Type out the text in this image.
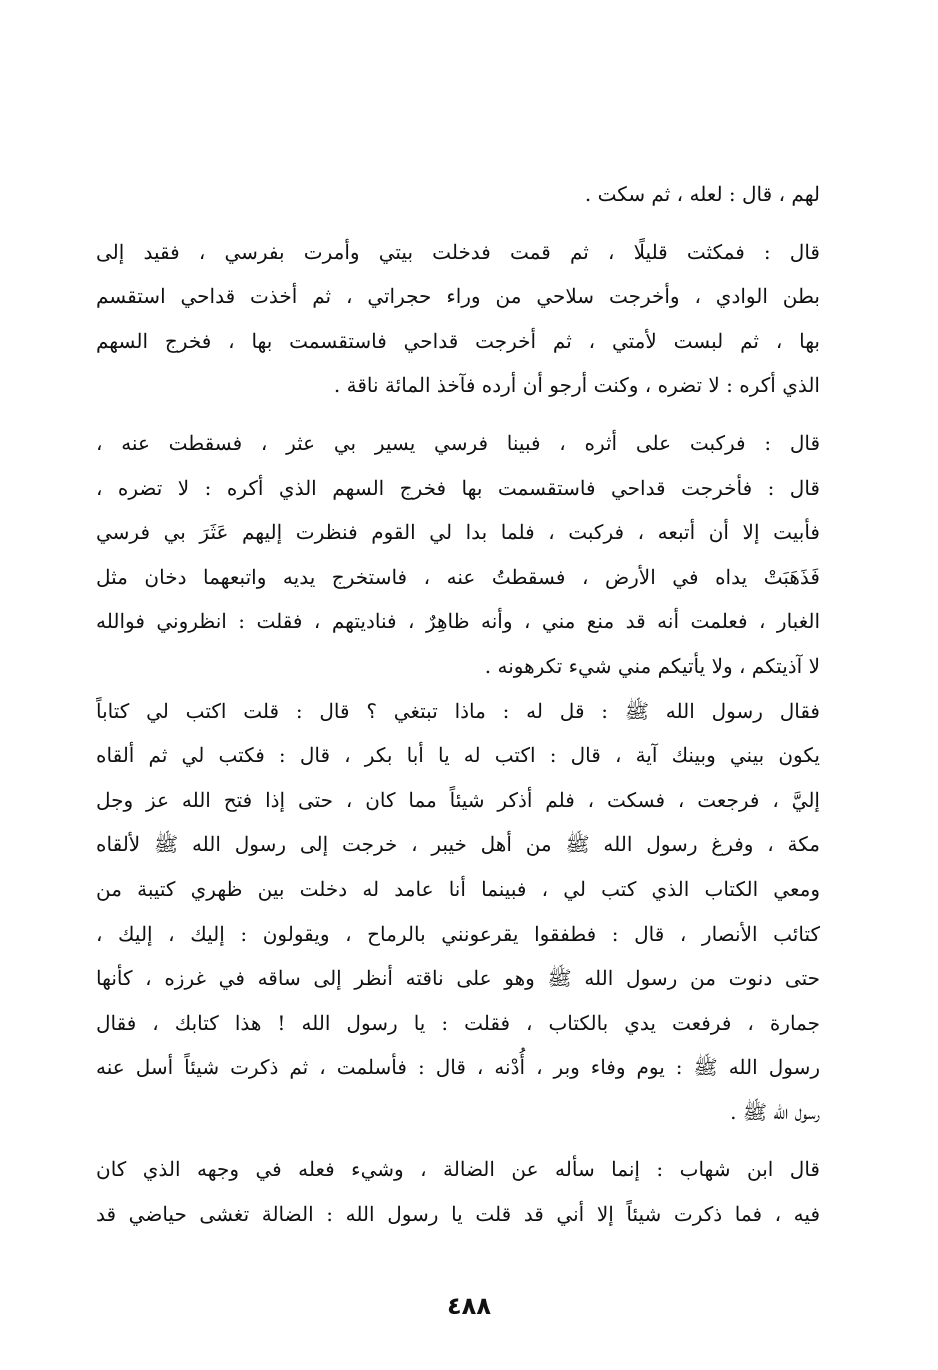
لهم ، قال : لعله ، ثم سكت .
قال : فمكثت قليلًا ، ثم قمت فدخلت بيتي وأمرت بفرسي ، فقيد إلى
بطن الوادي ، وأخرجت سلاحي من وراء حجراتي ، ثم أخذت قداحي استقسم
بها ، ثم لبست لأمتي ، ثم أخرجت قداحي فاستقسمت بها ، فخرج السهم
الذي أكره : لا تضره ، وكنت أرجو أن أرده فآخذ المائة ناقة .
قال : فركبت على أثره ، فبينا فرسي يسير بي عثر ، فسقطت عنه ،
قال : فأخرجت قداحي فاستقسمت بها فخرج السهم الذي أكره : لا تضره ،
فأبيت إلا أن أتبعه ، فركبت ، فلما بدا لي القوم فنظرت إليهم عَثَرَ بي فرسي
فَذَهَبَتْ يداه في الأرض ، فسقطتُ عنه ، فاستخرج يديه واتبعهما دخان مثل
الغبار ، فعلمت أنه قد منع مني ، وأنه ظاهِرٌ ، فناديتهم ، فقلت : انظروني فوالله
لا آذيتكم ، ولا يأتيكم مني شيء تكرهونه .
فقال رسول الله ﷺ : قل له : ماذا تبتغي ؟ قال : قلت اكتب لي كتاباً
يكون بيني وبينك آية ، قال : اكتب له يا أبا بكر ، قال : فكتب لي ثم ألقاه
إليَّ ، فرجعت ، فسكت ، فلم أذكر شيئاً مما كان ، حتى إذا فتح الله عز وجل
مكة ، وفرغ رسول الله ﷺ من أهل خيبر ، خرجت إلى رسول الله ﷺ لألقاه
ومعي الكتاب الذي كتب لي ، فبينما أنا عامد له دخلت بين ظهري كتيبة من
كتائب الأنصار ، قال : فطفقوا يقرعونني بالرماح ، ويقولون : إليك ، إليك ،
حتى دنوت من رسول الله ﷺ وهو على ناقته أنظر إلى ساقه في غرزه ، كأنها
جمارة ، فرفعت يدي بالكتاب ، فقلت : يا رسول الله ! هذا كتابك ، فقال
رسول الله ﷺ : يوم وفاء وبر ، أُدْنه ، قال : فأسلمت ، ثم ذكرت شيئاً أسل عنه
رسول الله ﷺ .
قال ابن شهاب : إنما سأله عن الضالة ، وشيء فعله في وجهه الذي كان
فيه ، فما ذكرت شيئاً إلا أني قد قلت يا رسول الله : الضالة تغشى حياضي قد
٤٨٨
